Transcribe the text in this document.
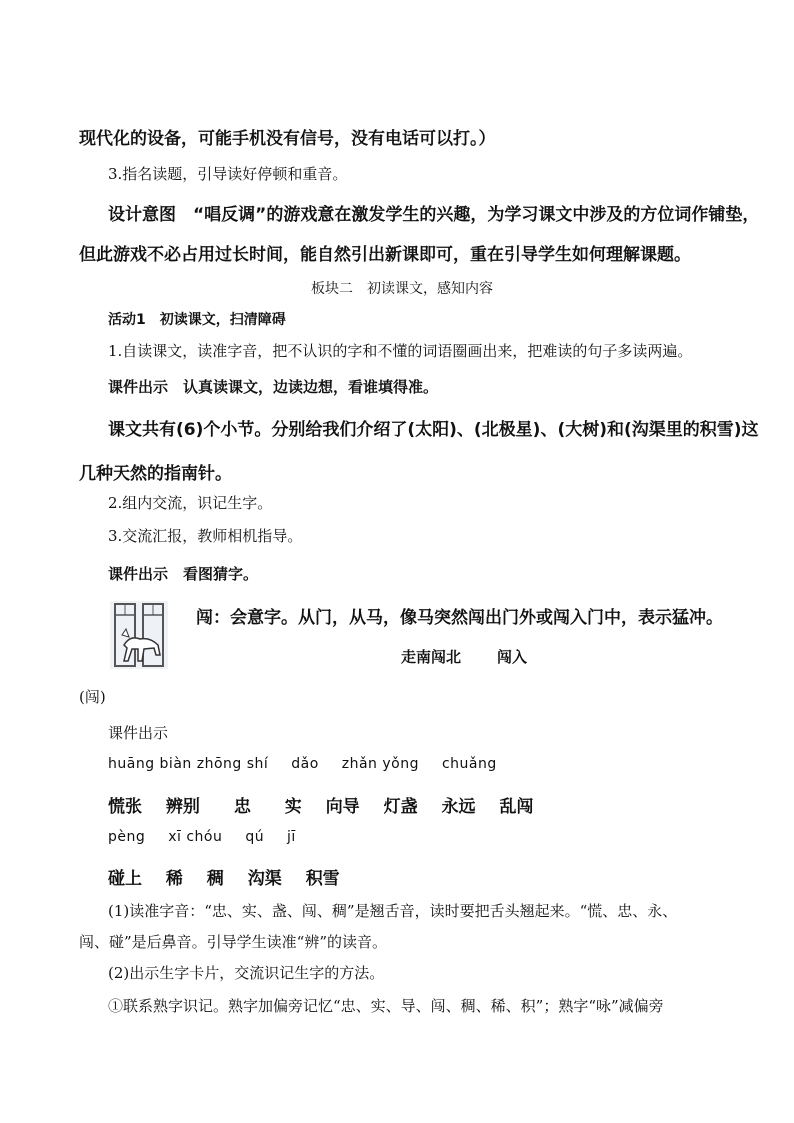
现代化的设备，可能手机没有信号，没有电话可以打。）
3.指名读题，引导读好停顿和重音。
设计意图　“唱反调”的游戏意在激发学生的兴趣，为学习课文中涉及的方位词作铺垫，
但此游戏不必占用过长时间，能自然引出新课即可，重在引导学生如何理解课题。
板块二　初读课文，感知内容
活动1　初读课文，扫清障碍
1.自读课文，读准字音，把不认识的字和不懂的词语圈画出来，把难读的句子多读两遍。
课件出示　认真读课文，边读边想，看谁填得准。
课文共有(6)个小节。分别给我们介绍了(太阳)、(北极星)、(大树)和(沟渠里的积雪)这
几种天然的指南针。
2.组内交流，识记生字。
3.交流汇报，教师相机指导。
课件出示　看图猜字。
闯：会意字。从门，从马，像马突然闯出门外或闯入门中，表示猛冲。
走南闯北 闯入
(闯)
课件出示
huāng biàn zhōng shí dǎo zhǎn yǒng chuǎng
慌张 辨别 忠 实 向导 灯盏 永远 乱闯
pèng xī chóu qú jī
碰上 稀 稠 沟渠 积雪
(1)读准字音：“忠、实、盏、闯、稠”是翘舌音，读时要把舌头翘起来。“慌、忠、永、
闯、碰”是后鼻音。引导学生读准“辨”的读音。
(2)出示生字卡片，交流识记生字的方法。
①联系熟字识记。熟字加偏旁记忆“忠、实、导、闯、稠、稀、积”；熟字“咏”减偏旁
